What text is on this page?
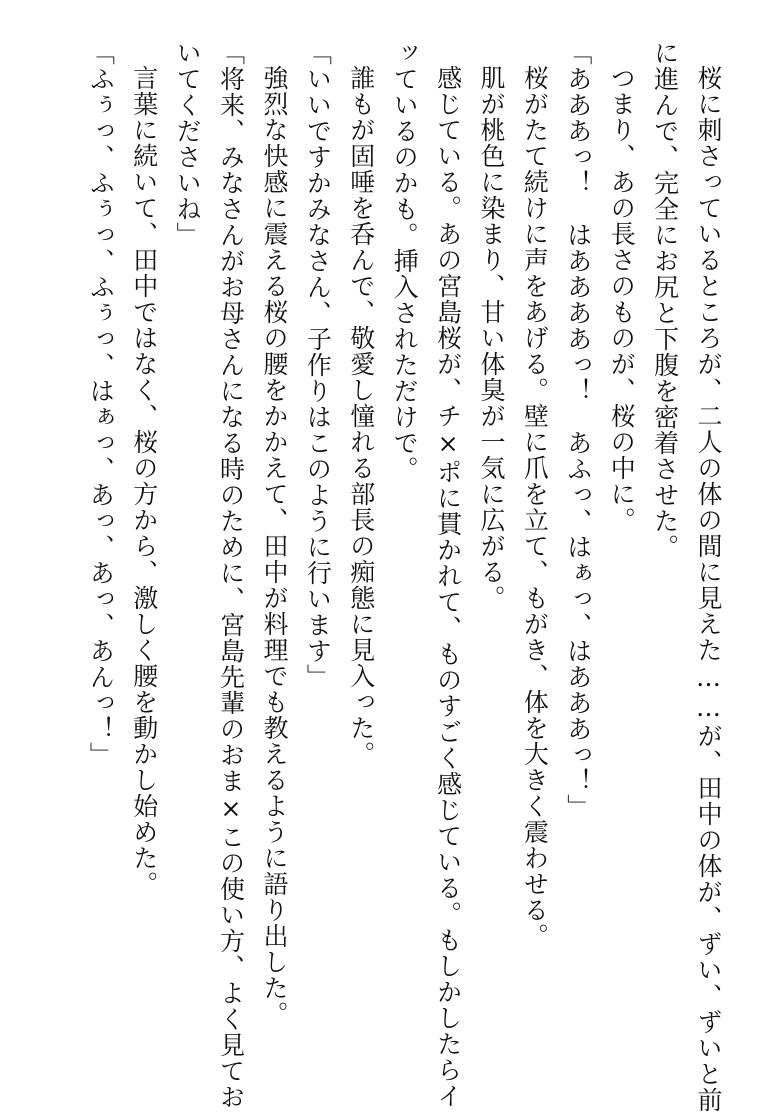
桜に刺さっているところが、二人の体の間に見えた……が、田中の体が、ずい、ずいと前
に進んで、完全にお尻と下腹を密着させた。
つまり、あの長さのものが、桜の中に。
「あああっ！　はああああっ！　あふっ、はぁっ、はあああっ！」
桜がたて続けに声をあげる。壁に爪を立て、もがき、体を大きく震わせる。
肌が桃色に染まり、甘い体臭が一気に広がる。
感じている。あの宮島桜が、チ×ポに貫かれて、ものすごく感じている。もしかしたらイ
ッているのかも。挿入されただけで。
誰もが固唾を呑んで、敬愛し憧れる部長の痴態に見入った。
「いいですかみなさん、子作りはこのように行います」
強烈な快感に震える桜の腰をかかえて、田中が料理でも教えるように語り出した。
「将来、みなさんがお母さんになる時のために、宮島先輩のおま×この使い方、よく見てお
いてくださいね」
言葉に続いて、田中ではなく、桜の方から、激しく腰を動かし始めた。
「ふぅっ、ふぅっ、ふぅっ、はぁっ、あっ、あっ、あんっ！」
